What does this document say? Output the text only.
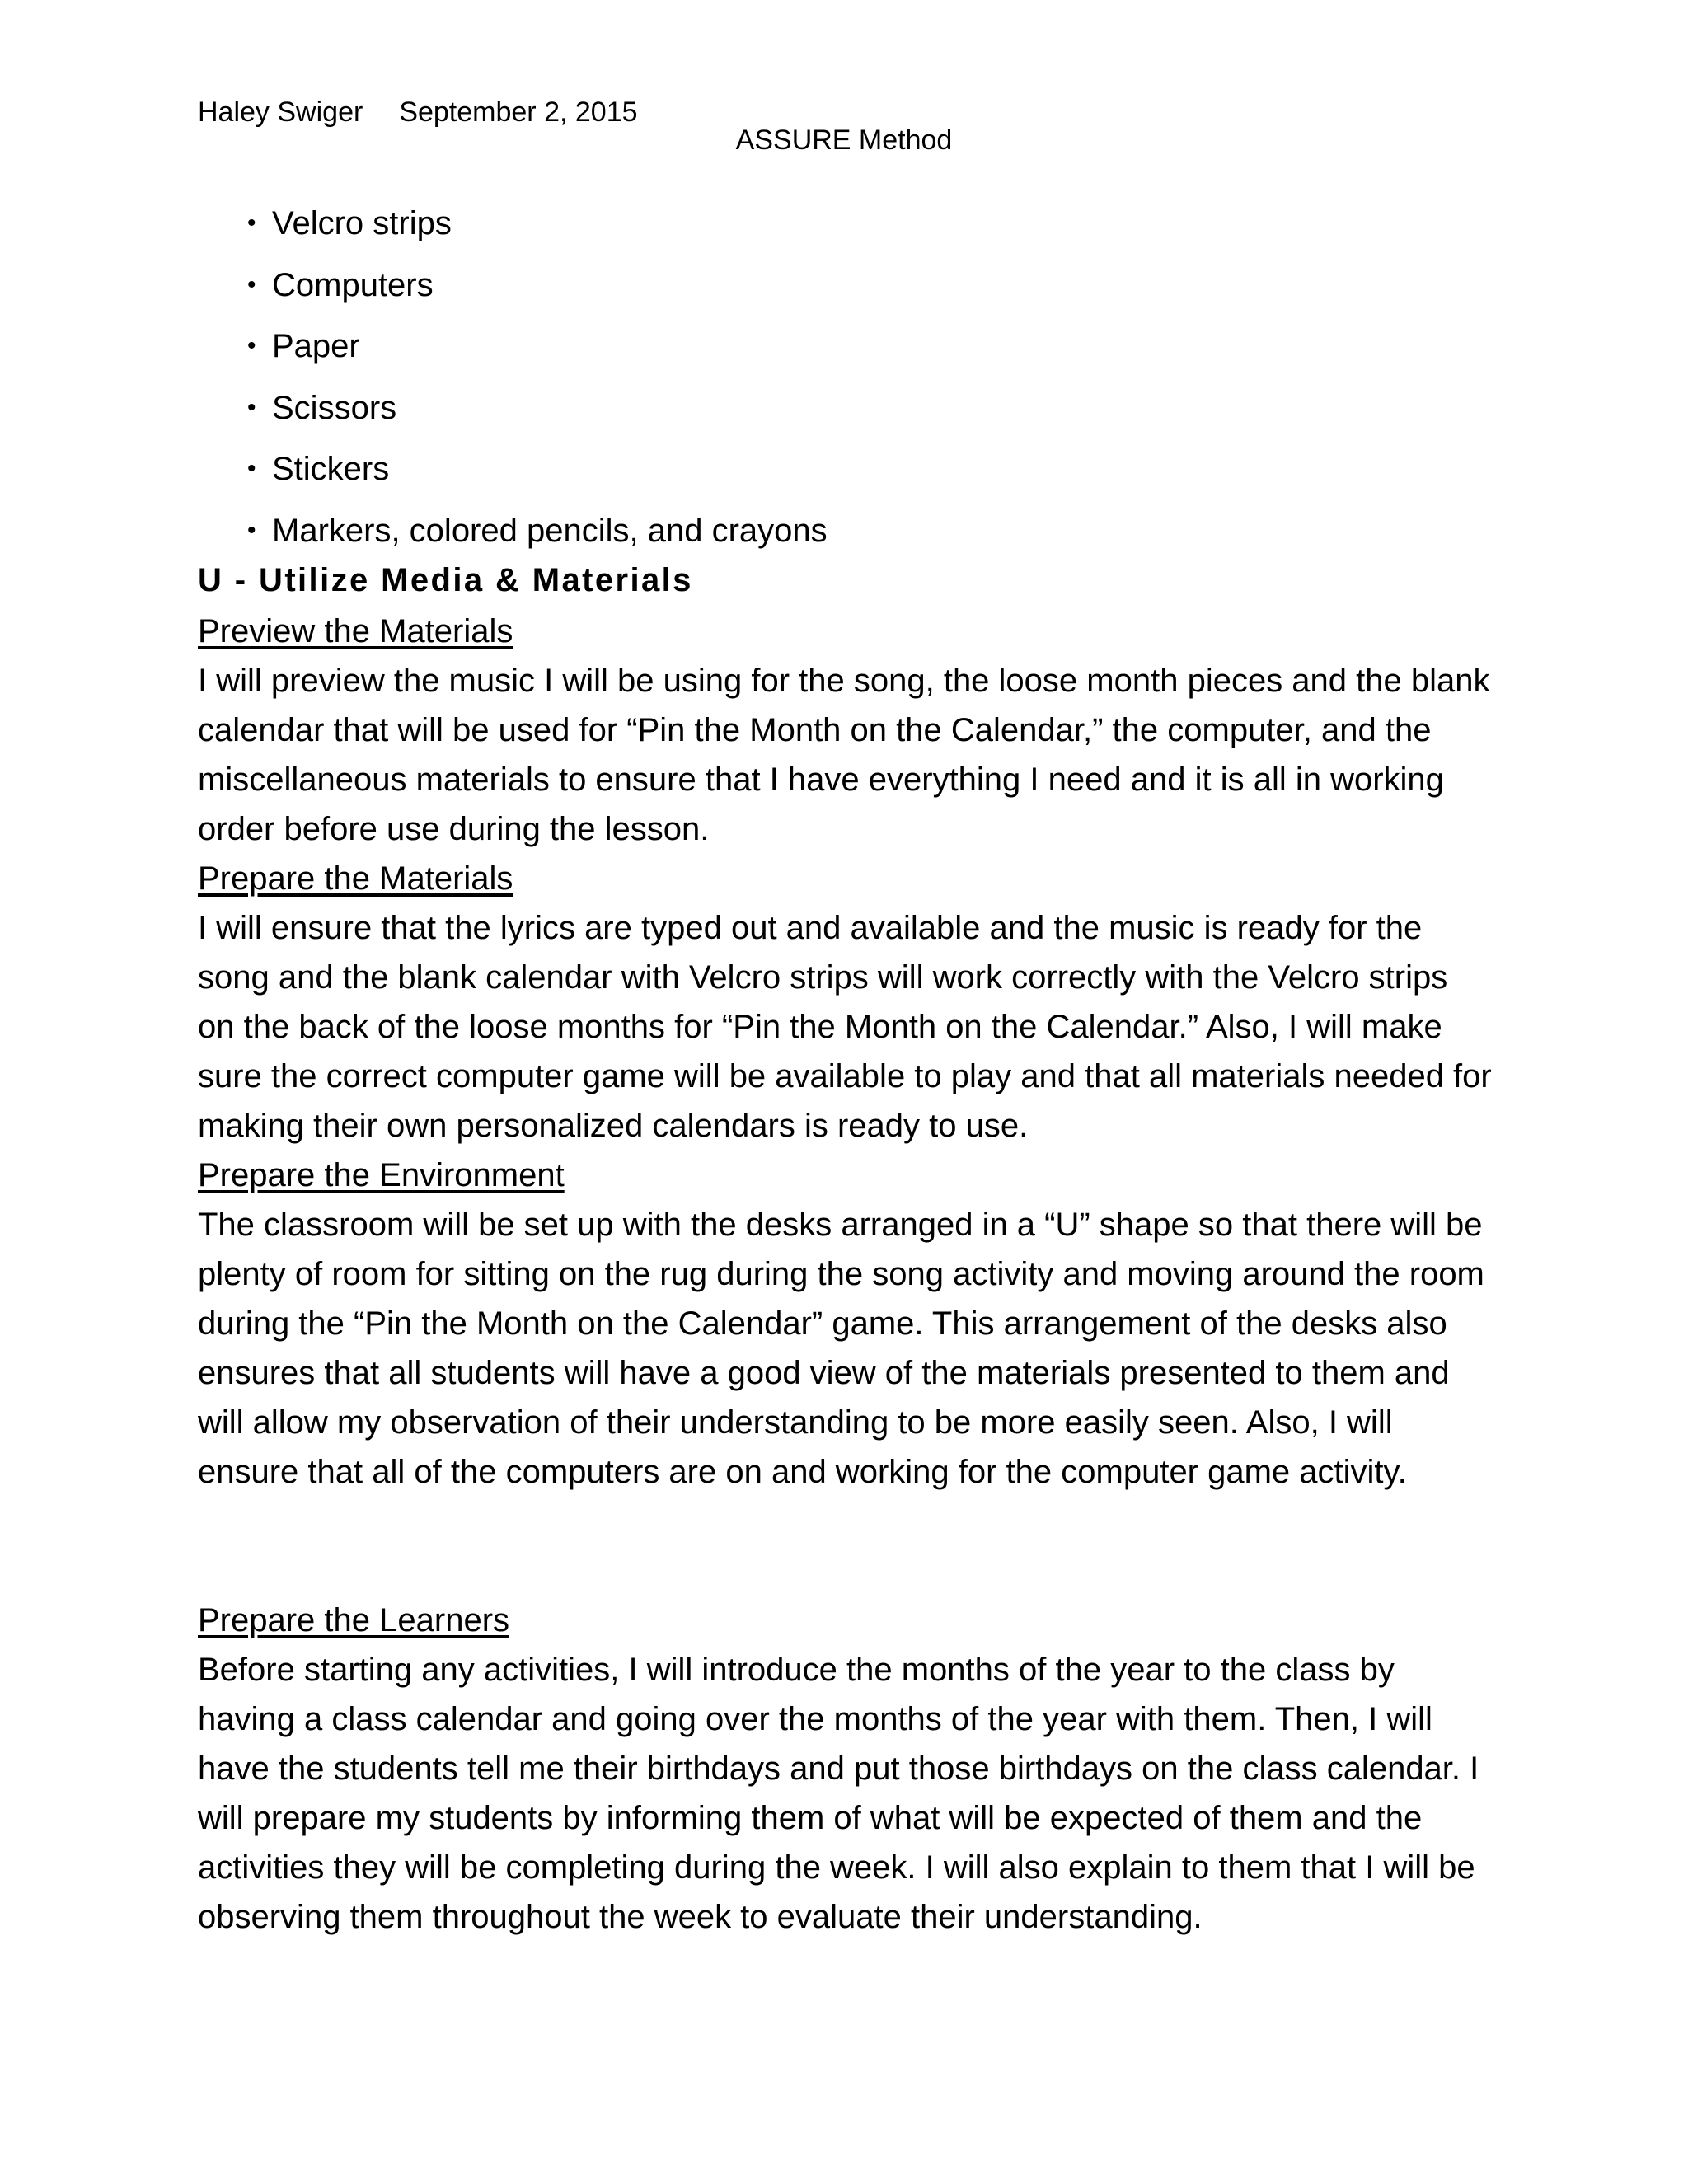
Haley Swiger September 2, 2015
ASSURE Method
• Velcro strips
• Computers
• Paper
• Scissors
• Stickers
• Markers, colored pencils, and crayons
U - Utilize Media & Materials
Preview the Materials

I will preview the music I will be using for the song, the loose month pieces and the blank calendar that will be used for “Pin the Month on the Calendar,” the computer, and the miscellaneous materials to ensure that I have everything I need and it is all in working order before use during the lesson.

Prepare the Materials

I will ensure that the lyrics are typed out and available and the music is ready for the song and the blank calendar with Velcro strips will work correctly with the Velcro strips on the back of the loose months for “Pin the Month on the Calendar.” Also, I will make sure the correct computer game will be available to play and that all materials needed for making their own personalized calendars is ready to use.

Prepare the Environment

The classroom will be set up with the desks arranged in a “U” shape so that there will be plenty of room for sitting on the rug during the song activity and moving around the room during the “Pin the Month on the Calendar” game. This arrangement of the desks also ensures that all students will have a good view of the materials presented to them and will allow my observation of their understanding to be more easily seen. Also, I will ensure that all of the computers are on and working for the computer game activity.

Prepare the Learners

Before starting any activities, I will introduce the months of the year to the class by having a class calendar and going over the months of the year with them. Then, I will have the students tell me their birthdays and put those birthdays on the class calendar. I will prepare my students by informing them of what will be expected of them and the activities they will be completing during the week. I will also explain to them that I will be observing them throughout the week to evaluate their understanding.
